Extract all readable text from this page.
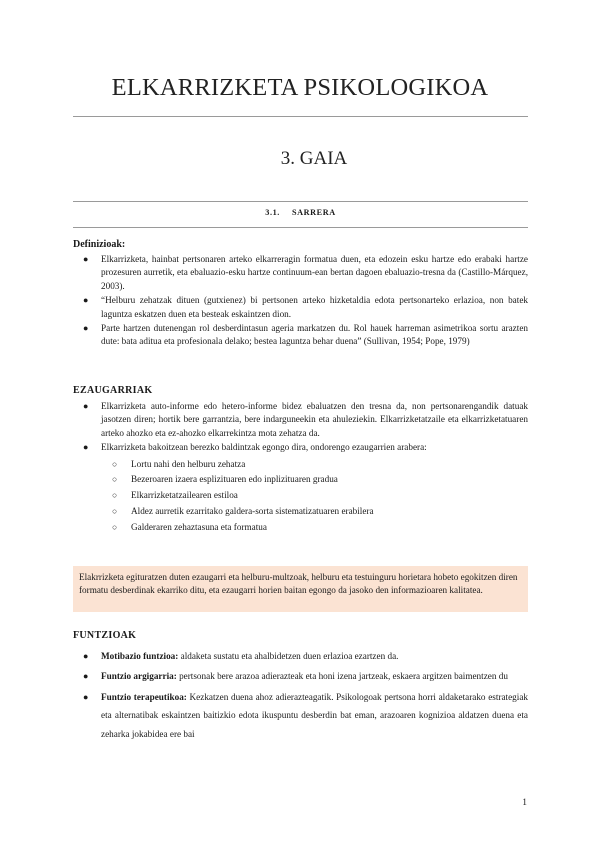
ELKARRIZKETA PSIKOLOGIKOA
3. GAIA
3.1. SARRERA
Definizioak:
● Elkarrizketa, hainbat pertsonaren arteko elkarreragin formatua duen, eta edozein esku hartze edo erabaki hartze prozesuren aurretik, eta ebaluazio-esku hartze continuum-ean bertan dagoen ebaluazio-tresna da (Castillo-Márquez, 2003).
● “Helburu zehatzak dituen (gutxienez) bi pertsonen arteko hizketaldia edota pertsonarteko erlazioa, non batek laguntza eskatzen duen eta besteak eskaintzen dion.
● Parte hartzen dutenengan rol desberdintasun ageria markatzen du. Rol hauek harreman asimetrikoa sortu arazten dute: bata aditua eta profesionala delako; bestea laguntza behar duena” (Sullivan, 1954; Pope, 1979)
EZAUGARRIAK
● Elkarrizketa auto-informe edo hetero-informe bidez ebaluatzen den tresna da, non pertsonarengandik datuak jasotzen diren; hortik bere garrantzia, bere indarguneekin eta ahuleziekin. Elkarrizketatzaile eta elkarrizketatuaren arteko ahozko eta ez-ahozko elkarrekintza mota zehatza da.
● Elkarrizketa bakoitzean berezko baldintzak egongo dira, ondorengo ezaugarrien arabera:
○ Lortu nahi den helburu zehatza
○ Bezeroaren izaera esplizituaren edo inplizituaren gradua
○ Elkarrizketatzailearen estiloa
○ Aldez aurretik ezarritako galdera-sorta sistematizatuaren erabilera
○ Galderaren zehaztasuna eta formatua
Elakrrizketa egituratzen duten ezaugarri eta helburu-multzoak, helburu eta testuinguru horietara hobeto egokitzen diren formatu desberdinak ekarriko ditu, eta ezaugarri horien baitan egongo da jasoko den informazioaren kalitatea.
FUNTZIOAK
● Motibazio funtzioa: aldaketa sustatu eta ahalbidetzen duen erlazioa ezartzen da.
● Funtzio argigarria: pertsonak bere arazoa adierazteak eta honi izena jartzeak, eskaera argitzen baimentzen du
● Funtzio terapeutikoa: Kezkatzen duena ahoz adierazteagatik. Psikologoak pertsona horri aldaketarako estrategiak eta alternatibak eskaintzen baitizkio edota ikuspuntu desberdin bat eman, arazoaren kognizioa aldatzen duena eta zeharka jokabidea ere bai
1
